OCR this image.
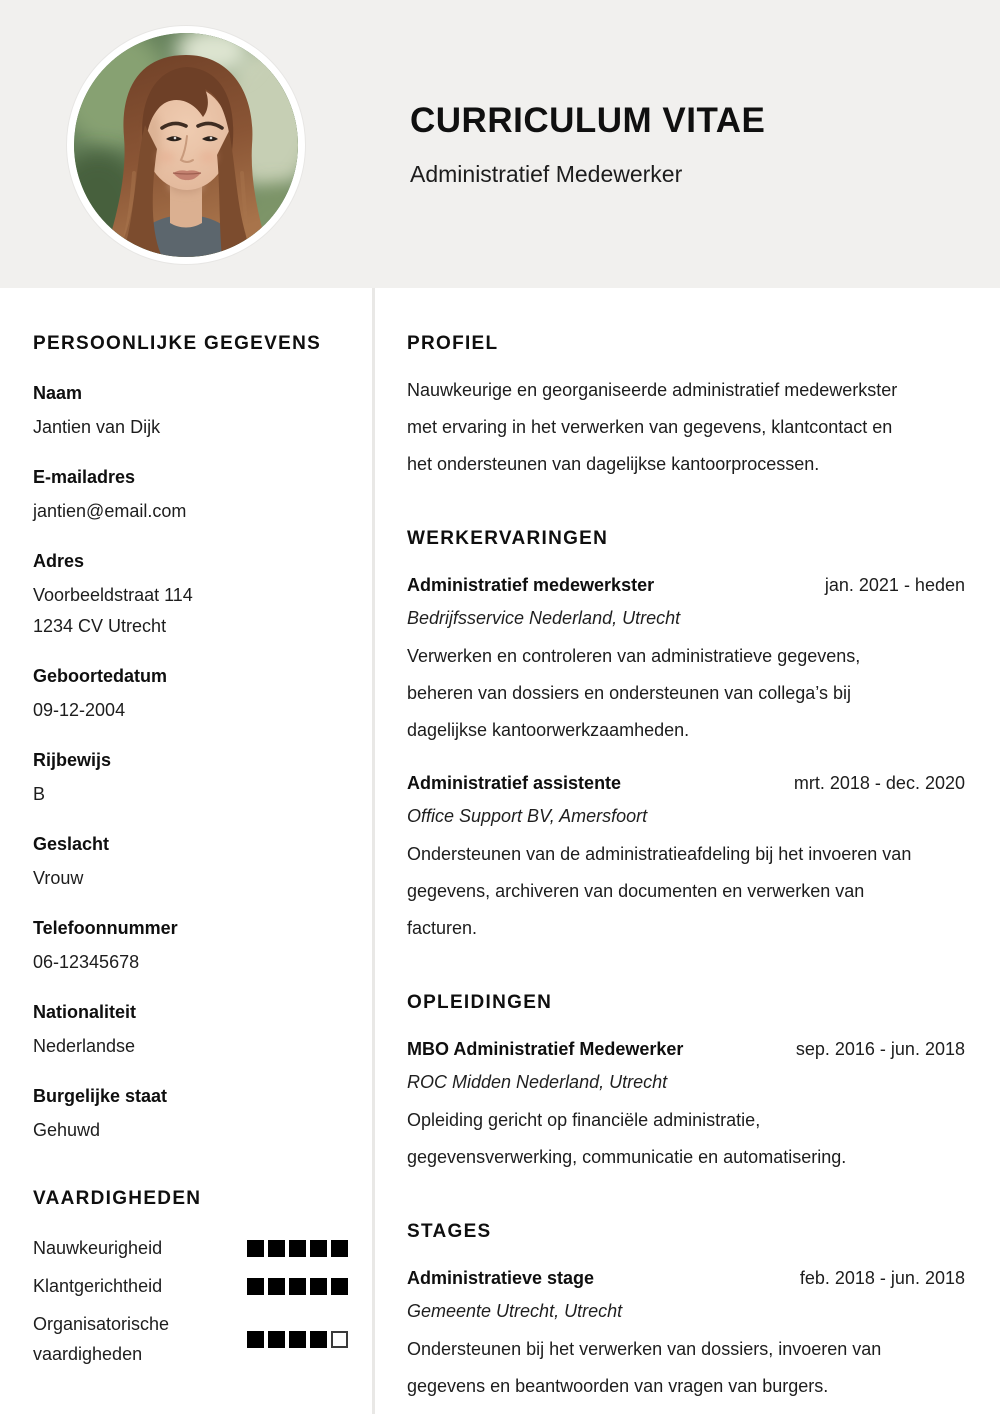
CURRICULUM VITAE
Administratief Medewerker
PERSOONLIJKE GEGEVENS
Naam
Jantien van Dijk
E-mailadres
jantien@email.com
Adres
Voorbeeldstraat 114
1234 CV Utrecht
Geboortedatum
09-12-2004
Rijbewijs
B
Geslacht
Vrouw
Telefoonnummer
06-12345678
Nationaliteit
Nederlandse
Burgelijke staat
Gehuwd
VAARDIGHEDEN
Nauwkeurigheid
Klantgerichtheid
Organisatorische vaardigheden
PROFIEL

Nauwkeurige en georganiseerde administratief medewerkster met ervaring in het verwerken van gegevens, klantcontact en het ondersteunen van dagelijkse kantoorprocessen.

WERKERVARINGEN
Administratief medewerkster	jan. 2021 - heden
Bedrijfsservice Nederland, Utrecht
Verwerken en controleren van administratieve gegevens, beheren van dossiers en ondersteunen van collega’s bij dagelijkse kantoorwerkzaamheden.
Administratief assistente	mrt. 2018 - dec. 2020
Office Support BV, Amersfoort
Ondersteunen van de administratieafdeling bij het invoeren van gegevens, archiveren van documenten en verwerken van facturen.
OPLEIDINGEN
MBO Administratief Medewerker	sep. 2016 - jun. 2018
ROC Midden Nederland, Utrecht
Opleiding gericht op financiële administratie, gegevensverwerking, communicatie en automatisering.
STAGES
Administratieve stage	feb. 2018 - jun. 2018
Gemeente Utrecht, Utrecht
Ondersteunen bij het verwerken van dossiers, invoeren van gegevens en beantwoorden van vragen van burgers.
